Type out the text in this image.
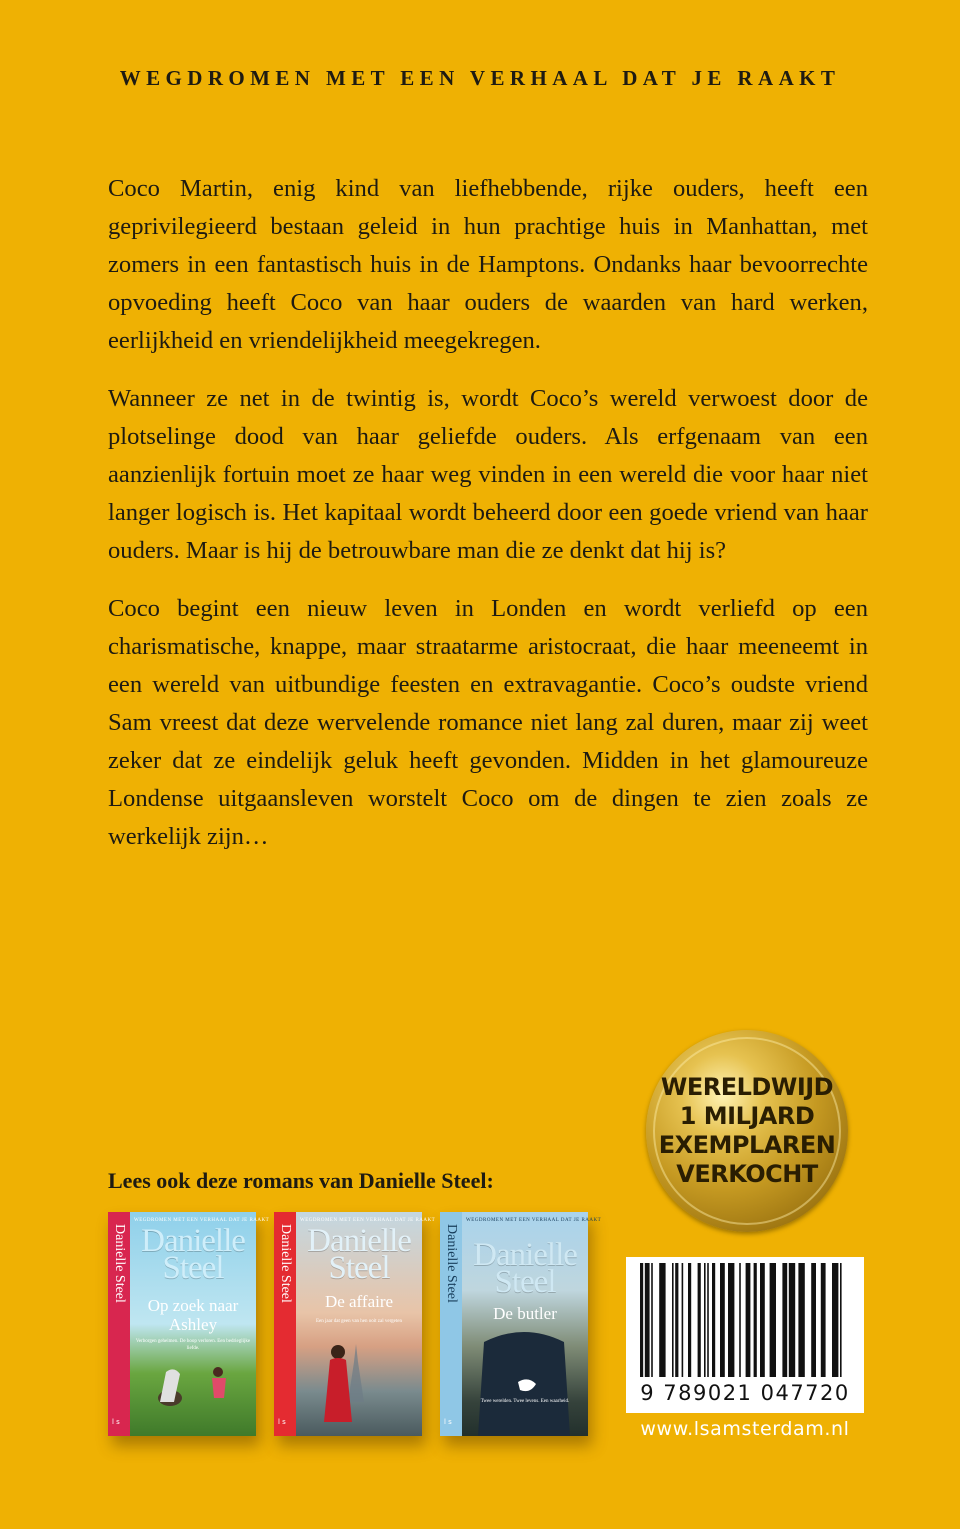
WEGDROMEN MET EEN VERHAAL DAT JE RAAKT

Coco Martin, enig kind van liefhebbende, rijke ouders, heeft een geprivilegieerd bestaan geleid in hun prachtige huis in Manhattan, met zomers in een fantastisch huis in de Hamptons. Ondanks haar bevoorrechte opvoeding heeft Coco van haar ouders de waarden van hard werken, eerlijkheid en vriendelijkheid meegekregen.

Wanneer ze net in de twintig is, wordt Coco’s wereld verwoest door de plotselinge dood van haar geliefde ouders. Als erfgenaam van een aanzienlijk fortuin moet ze haar weg vinden in een wereld die voor haar niet langer logisch is. Het kapitaal wordt beheerd door een goede vriend van haar ouders. Maar is hij de betrouwbare man die ze denkt dat hij is?

Coco begint een nieuw leven in Londen en wordt verliefd op een charismatische, knappe, maar straatarme aristocraat, die haar meeneemt in een wereld van uitbundige feesten en extravagantie. Coco’s oudste vriend Sam vreest dat deze wervelende romance niet lang zal duren, maar zij weet zeker dat ze eindelijk geluk heeft gevonden. Midden in het glamoureuze Londense uitgaansleven worstelt Coco om de dingen te zien zoals ze werkelijk zijn…

WERELDWIJD
1 MILJARD
EXEMPLAREN
VERKOCHT
Lees ook deze romans van Danielle Steel:
Danielle Steel
WEGDROMEN MET EEN VERHAAL DAT JE RAAKT
Danielle
Steel
Op zoek naar Ashley
Verborgen geheimen. De hoop verloren. Een bedrieglijke liefde.
l s
Danielle Steel
WEGDROMEN MET EEN VERHAAL DAT JE RAAKT
Danielle
Steel
De affaire
Een jaar dat geen van hen ooit zal vergeten
l s
Danielle Steel
WEGDROMEN MET EEN VERHAAL DAT JE RAAKT
Danielle
Steel
De butler
Twee werelden. Twee levens. Een waarheid.
l s
9 789021 047720
www.lsamsterdam.nl
